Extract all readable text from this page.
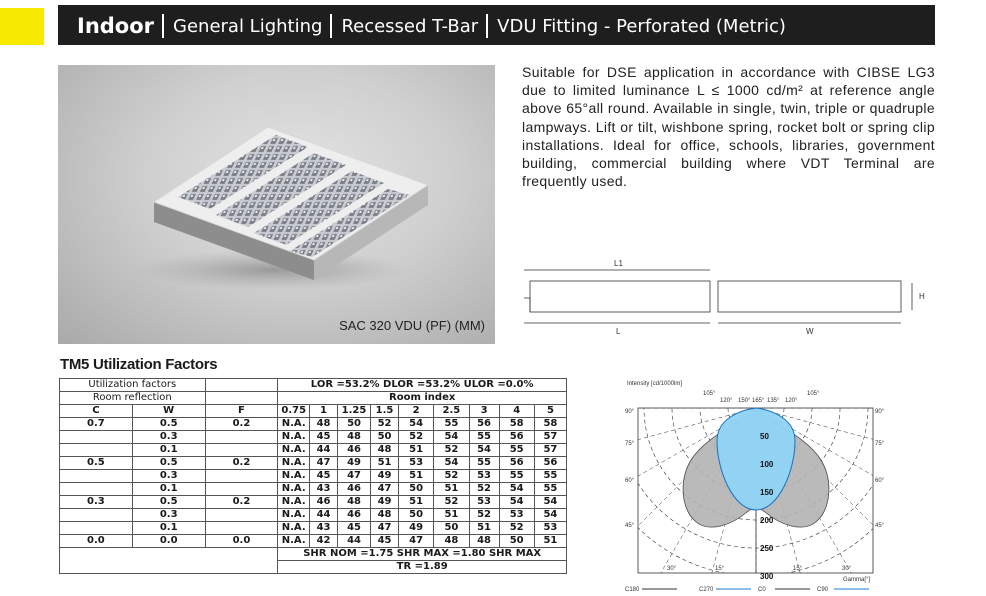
Indoor General Lighting Recessed T-Bar VDU Fitting - Perforated (Metric)
SAC 320 VDU (PF) (MM)
Suitable for DSE application in accordance with CIBSE LG3 due to limited luminance L ≤ 1000 cd/m² at reference angle above 65°all round. Available in single, twin, triple or quadruple lampways. Lift or tilt, wishbone spring, rocket bolt or spring clip installations. Ideal for office, schools, libraries, government building, commercial building where VDT Terminal are frequently used.
L1
H
L	W
TM5 Utilization Factors
Utilization factors			LOR =53.2% DLOR =53.2% ULOR =0.0%								
Room reflection			Room index								
C	W	F	0.75	1	1.25	1.5	2	2.5	3	4	5
0.7	0.5	0.2	N.A.	48	50	52	54	55	56	58	58
	0.3		N.A.	45	48	50	52	54	55	56	57
	0.1		N.A.	44	46	48	51	52	54	55	57
0.5	0.5	0.2	N.A.	47	49	51	53	54	55	56	56
	0.3		N.A.	45	47	49	51	52	53	55	55
	0.1		N.A.	43	46	47	50	51	52	54	55
0.3	0.5	0.2	N.A.	46	48	49	51	52	53	54	54
	0.3		N.A.	44	46	48	50	51	52	53	54
	0.1		N.A.	43	45	47	49	50	51	52	53
0.0	0.0	0.0	N.A.	42	44	45	47	48	48	50	51
			SHR NOM =1.75 SHR MAX =1.80 SHR MAX								
			TR =1.89								
Intensity [cd/1000lm]
50
100
150
200
250
300
105°
120° 150° 165° 135° 120°
105°
90°	90°
75°	75°
60°	60°
45°	45°
30°	15°	15°	30°
Gamma[°]
C180	C270	C0	C90
